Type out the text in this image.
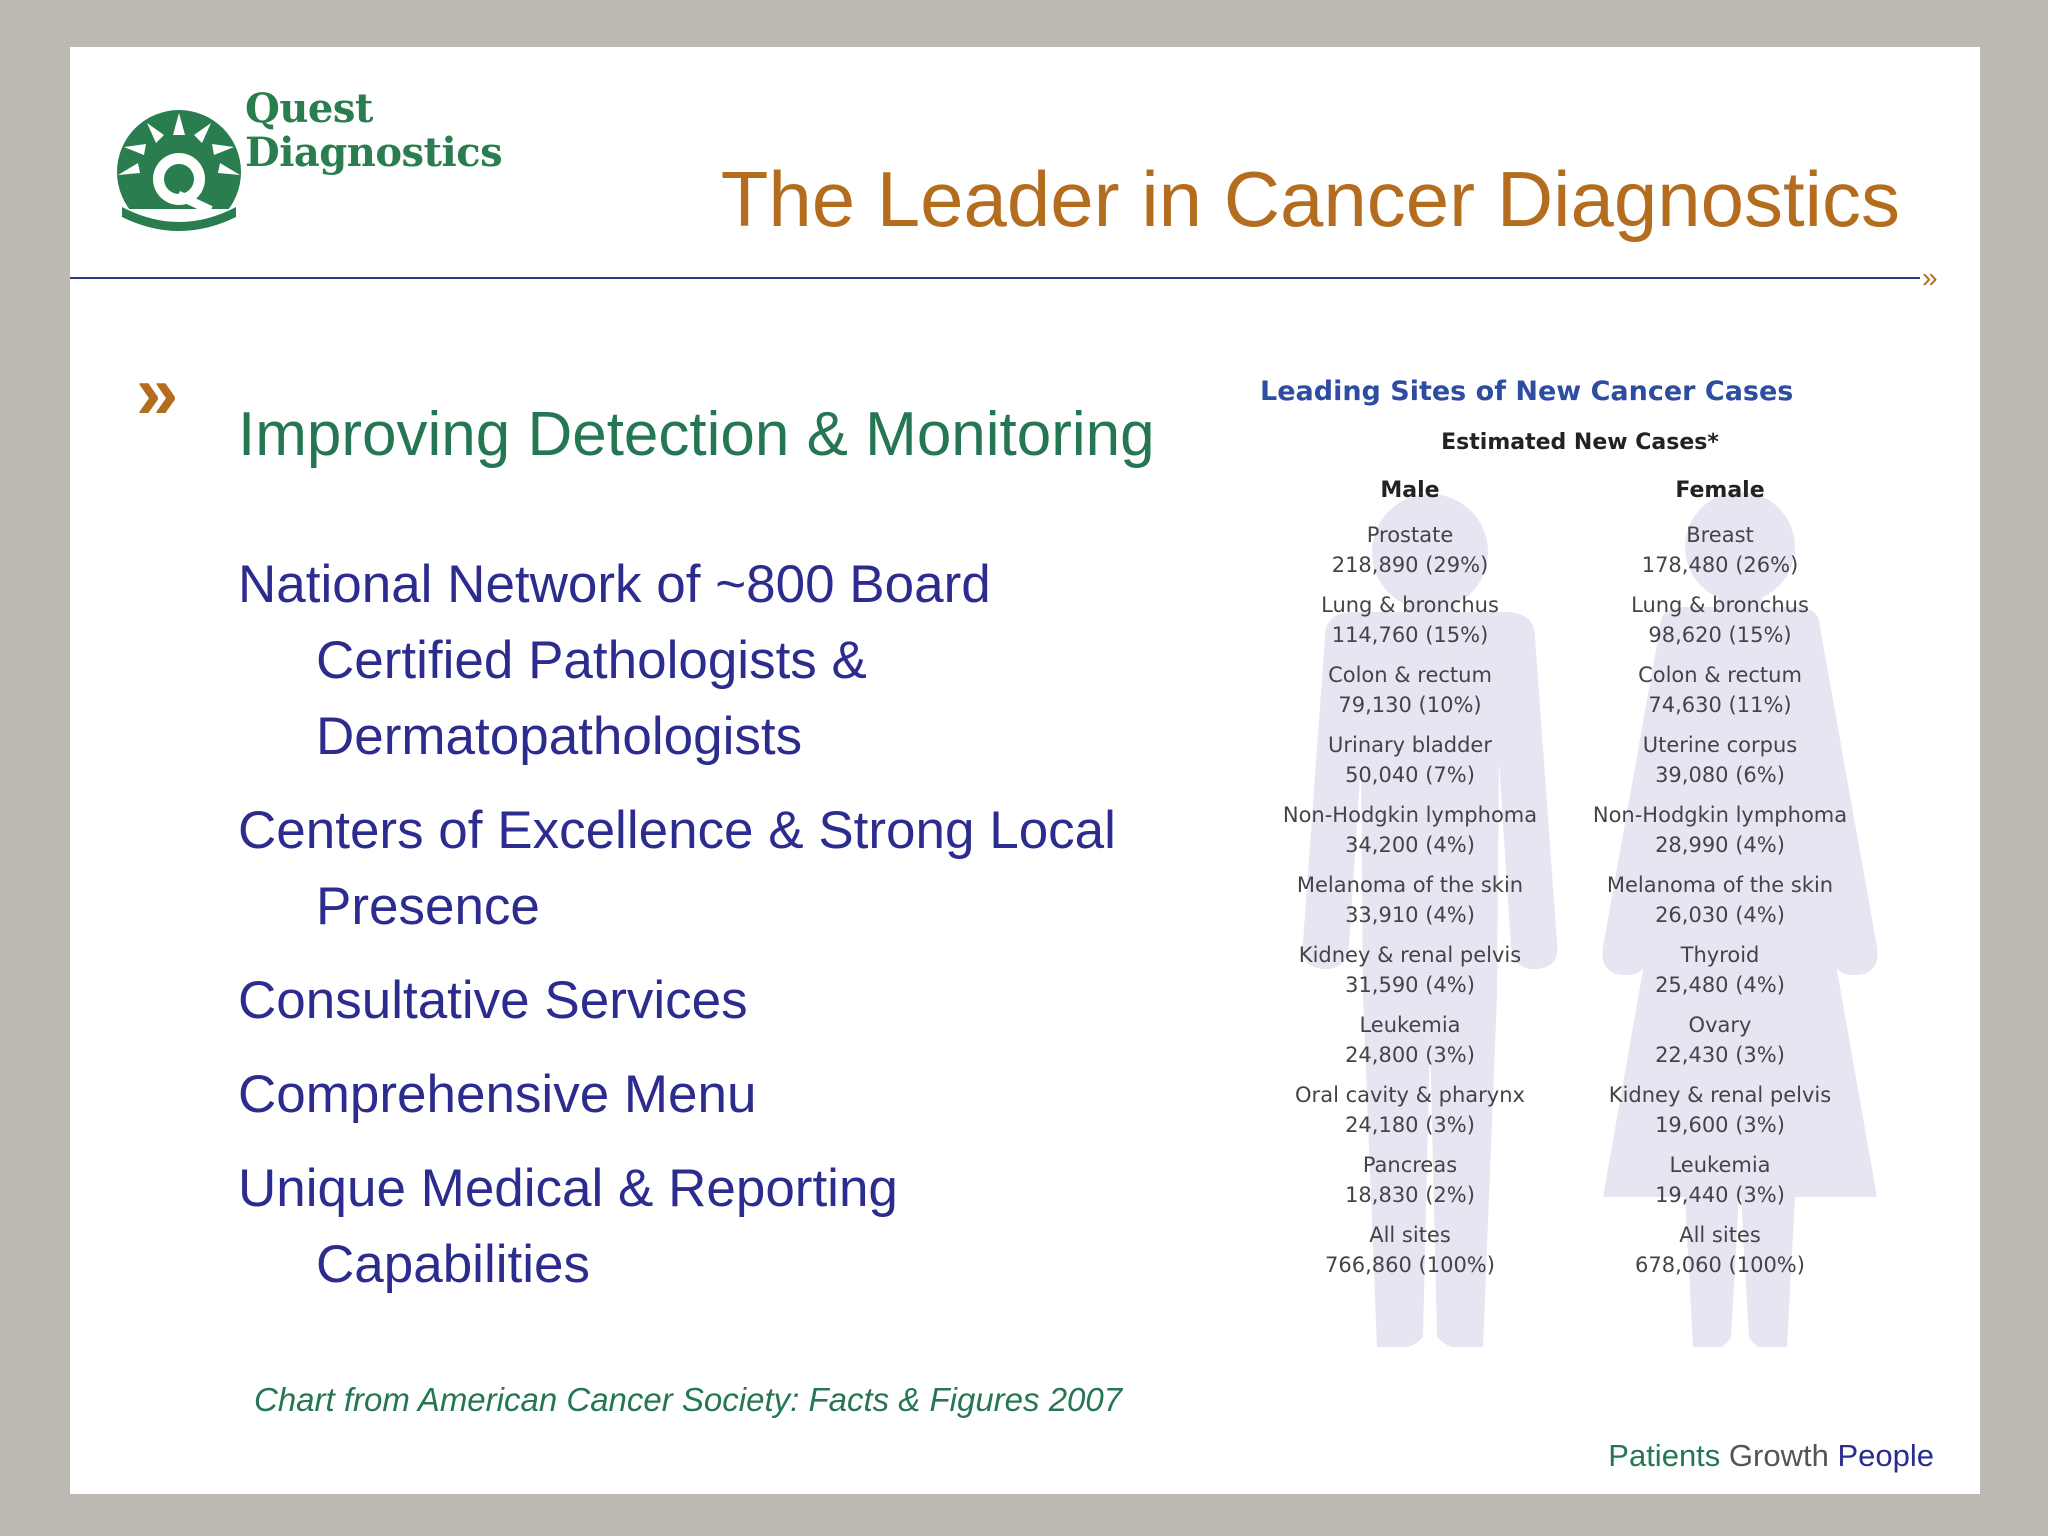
Quest
Diagnostics
The Leader in Cancer Diagnostics
»
» Improving Detection & Monitoring
National Network of ~800 Board Certified Pathologists & Dermatopathologists
Centers of Excellence & Strong Local Presence
Consultative Services
Comprehensive Menu
Unique Medical & Reporting Capabilities
Leading Sites of New Cancer Cases
Estimated New Cases*
Male
Prostate
218,890 (29%)
Lung & bronchus
114,760 (15%)
Colon & rectum
79,130 (10%)
Urinary bladder
50,040 (7%)
Non-Hodgkin lymphoma
34,200 (4%)
Melanoma of the skin
33,910 (4%)
Kidney & renal pelvis
31,590 (4%)
Leukemia
24,800 (3%)
Oral cavity & pharynx
24,180 (3%)
Pancreas
18,830 (2%)
All sites
766,860 (100%)
Female
Breast
178,480 (26%)
Lung & bronchus
98,620 (15%)
Colon & rectum
74,630 (11%)
Uterine corpus
39,080 (6%)
Non-Hodgkin lymphoma
28,990 (4%)
Melanoma of the skin
26,030 (4%)
Thyroid
25,480 (4%)
Ovary
22,430 (3%)
Kidney & renal pelvis
19,600 (3%)
Leukemia
19,440 (3%)
All sites
678,060 (100%)
Chart from American Cancer Society: Facts & Figures 2007
Patients Growth People
